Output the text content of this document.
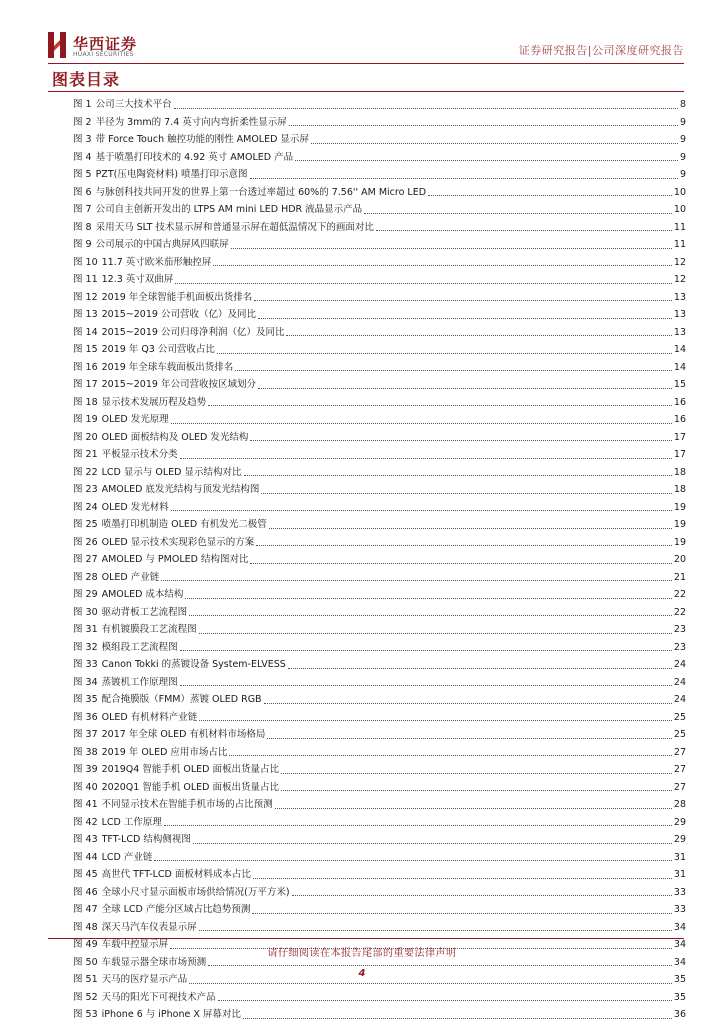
华西证券
HUAXI SECURITIES	证券研究报告|公司深度研究报告
图表目录
图 1 公司三大技术平台	8
图 2 半径为 3mm的 7.4 英寸向内弯折柔性显示屏	9
图 3 带 Force Touch 触控功能的刚性 AMOLED 显示屏	9
图 4 基于喷墨打印技术的 4.92 英寸 AMOLED 产品	9
图 5 PZT(压电陶瓷材料) 喷墨打印示意图	9
图 6 与脉创科技共同开发的世界上第一台透过率超过 60%的 7.56'' AM Micro LED	10
图 7 公司自主创新开发出的 LTPS AM mini LED HDR 液晶显示产品	10
图 8 采用天马 SLT 技术显示屏和普通显示屏在超低温情况下的画面对比	11
图 9 公司展示的中国古典屏风四联屏	11
图 10 11.7 英寸欧米茄形触控屏	12
图 11 12.3 英寸双曲屏	12
图 12 2019 年全球智能手机面板出货排名	13
图 13 2015~2019 公司营收（亿）及同比	13
图 14 2015~2019 公司归母净利润（亿）及同比	13
图 15 2019 年 Q3 公司营收占比	14
图 16 2019 年全球车载面板出货排名	14
图 17 2015~2019 年公司营收按区域划分	15
图 18 显示技术发展历程及趋势	16
图 19 OLED 发光原理	16
图 20 OLED 面板结构及 OLED 发光结构	17
图 21 平板显示技术分类	17
图 22 LCD 显示与 OLED 显示结构对比	18
图 23 AMOLED 底发光结构与顶发光结构图	18
图 24 OLED 发光材料	19
图 25 喷墨打印机制造 OLED 有机发光二极管	19
图 26 OLED 显示技术实现彩色显示的方案	19
图 27 AMOLED 与 PMOLED 结构图对比	20
图 28 OLED 产业链	21
图 29 AMOLED 成本结构	22
图 30 驱动背板工艺流程图	22
图 31 有机镀膜段工艺流程图	23
图 32 模组段工艺流程图	23
图 33 Canon Tokki 的蒸镀设备 System-ELVESS	24
图 34 蒸镀机工作原理图	24
图 35 配合掩膜版（FMM）蒸镀 OLED RGB	24
图 36 OLED 有机材料产业链	25
图 37 2017 年全球 OLED 有机材料市场格局	25
图 38 2019 年 OLED 应用市场占比	27
图 39 2019Q4 智能手机 OLED 面板出货量占比	27
图 40 2020Q1 智能手机 OLED 面板出货量占比	27
图 41 不同显示技术在智能手机市场的占比预测	28
图 42 LCD 工作原理	29
图 43 TFT-LCD 结构侧视图	29
图 44 LCD 产业链	31
图 45 高世代 TFT-LCD 面板材料成本占比	31
图 46 全球小尺寸显示面板市场供给情况(万平方米)	33
图 47 全球 LCD 产能分区域占比趋势预测	33
图 48 深天马汽车仪表显示屏	34
图 49 车载中控显示屏	34
图 50 车载显示器全球市场预测	34
图 51 天马的医疗显示产品	35
图 52 天马的阳光下可视技术产品	35
图 53 iPhone 6 与 iPhone X 屏幕对比	36
请仔细阅读在本报告尾部的重要法律声明
4
